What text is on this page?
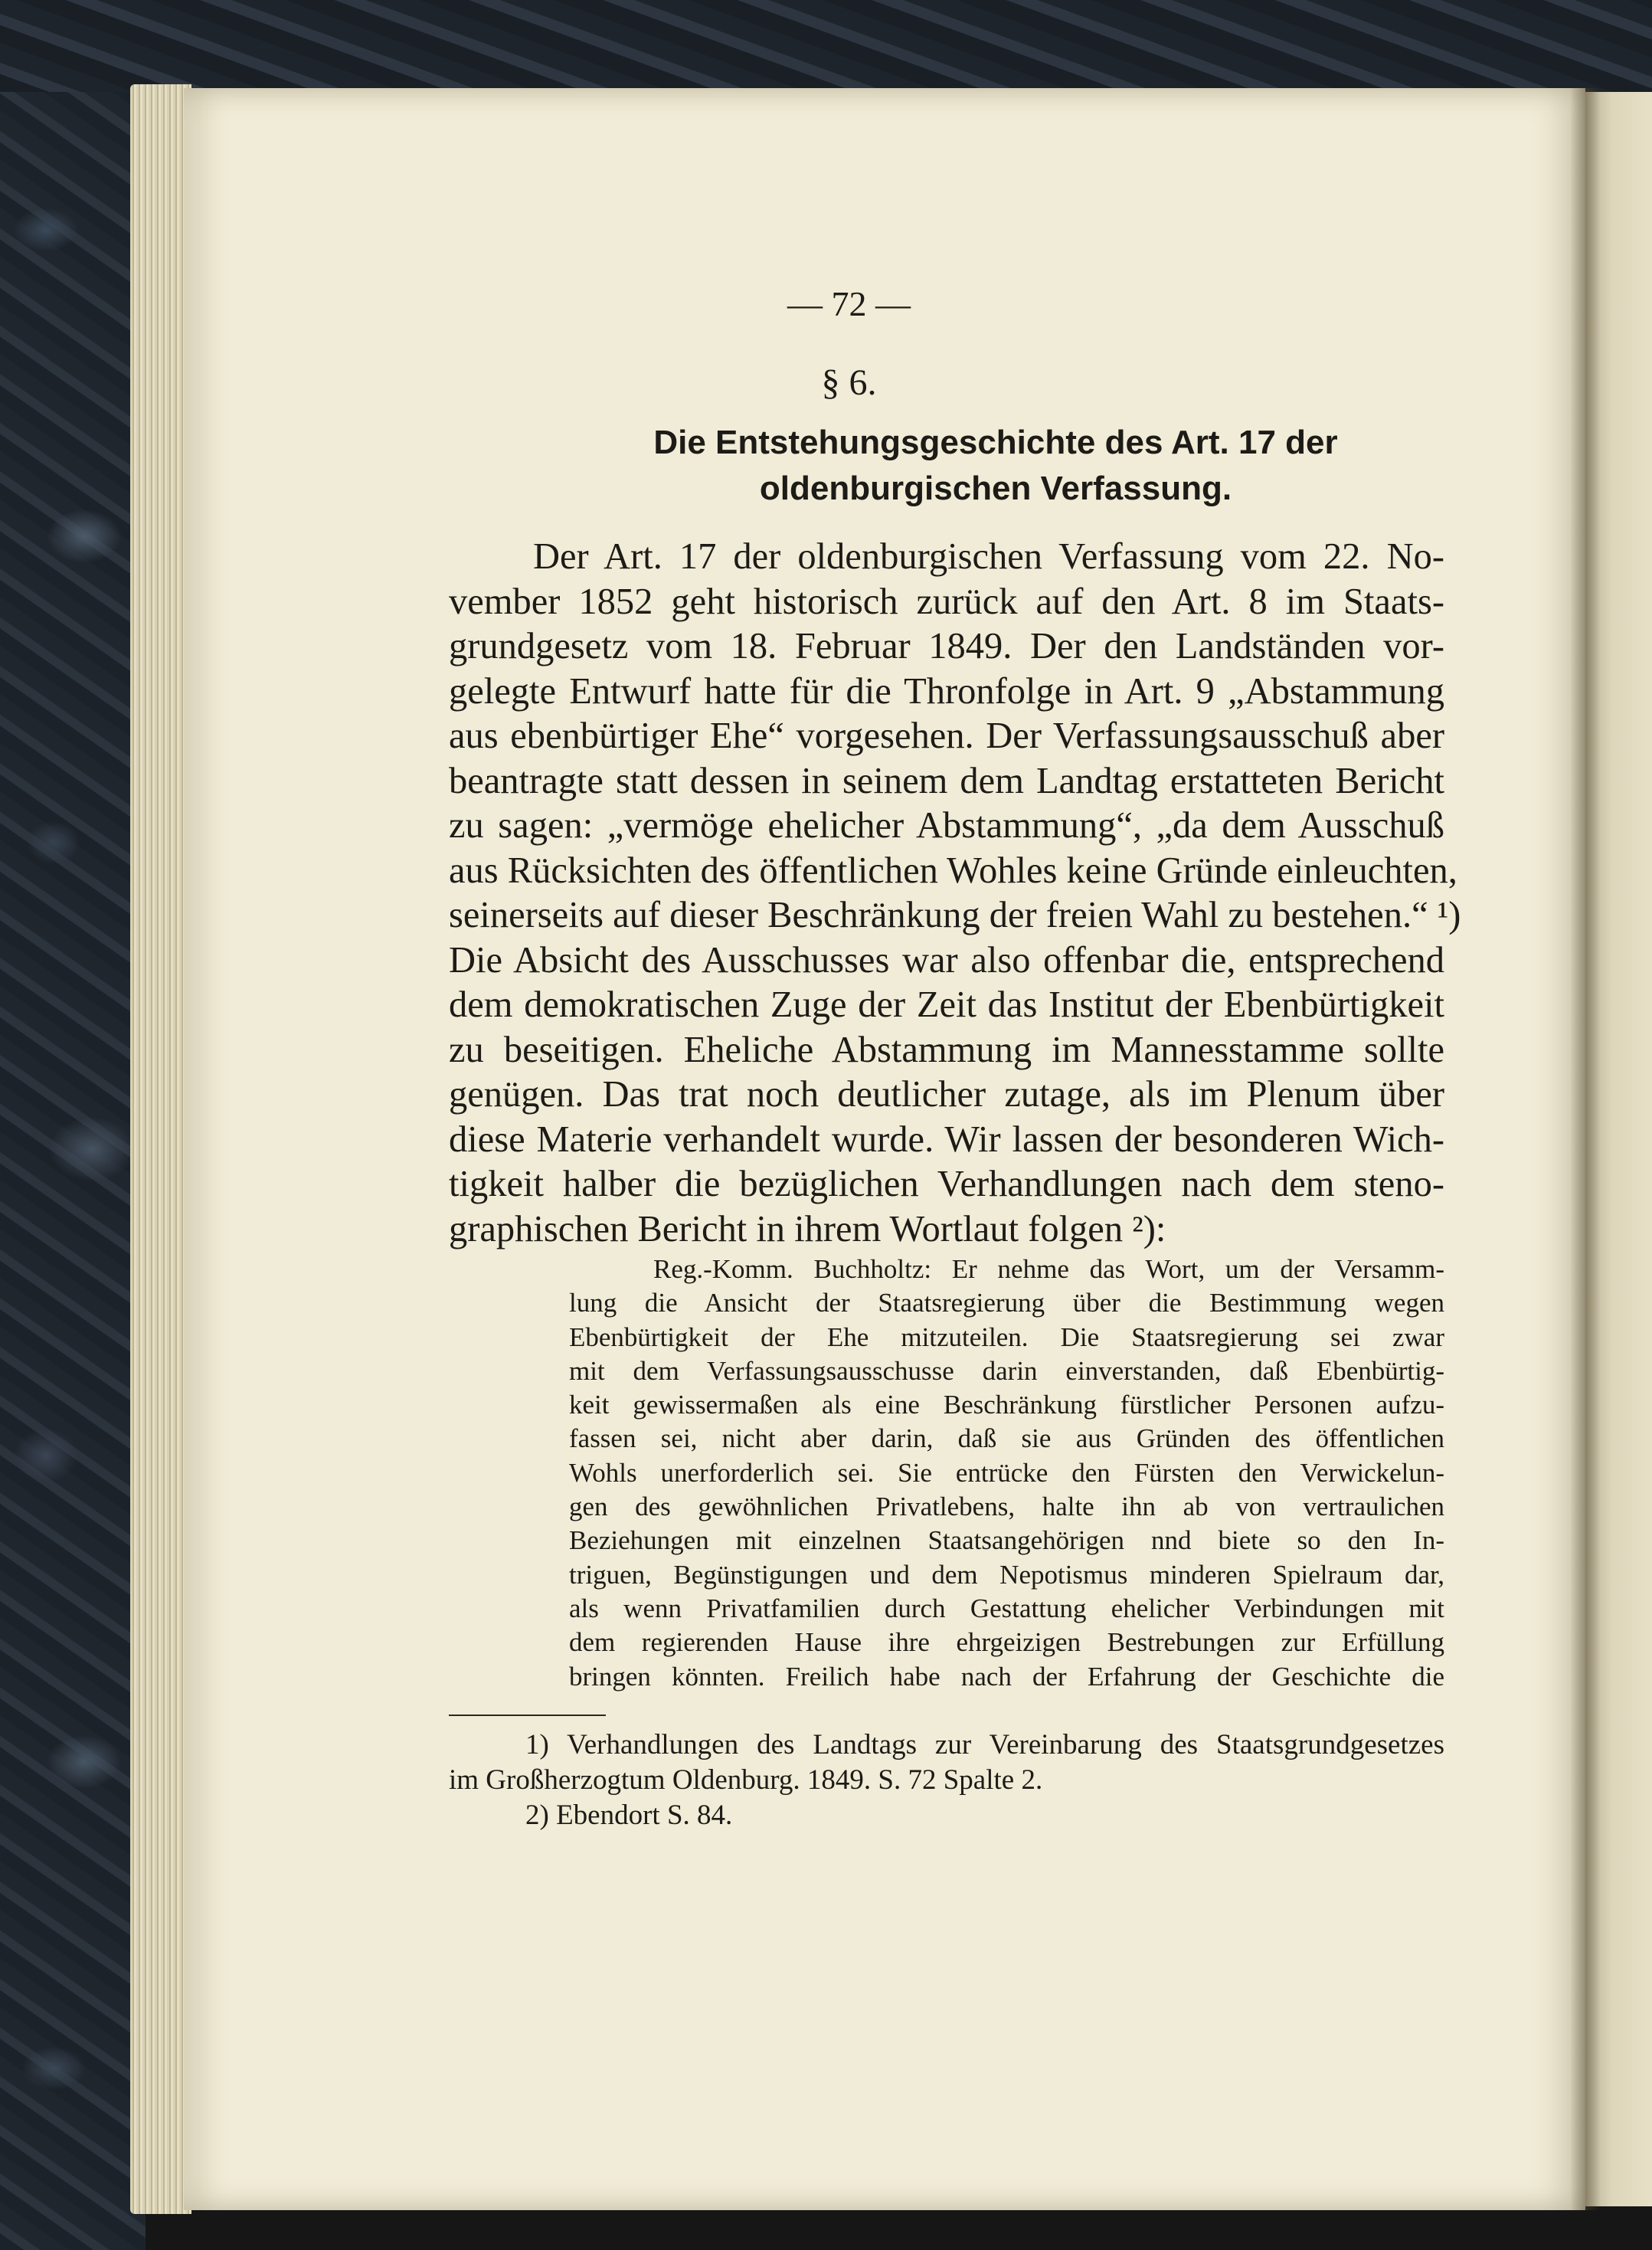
— 72 —
§ 6.
Die Entstehungsgeschichte des Art. 17 der
oldenburgischen Verfassung.
Der Art. 17 der oldenburgischen Verfassung vom 22. No-
vember 1852 geht historisch zurück auf den Art. 8 im Staats-
grundgesetz vom 18. Februar 1849. Der den Landständen vor-
gelegte Entwurf hatte für die Thronfolge in Art. 9 „Abstammung
aus ebenbürtiger Ehe“ vorgesehen. Der Verfassungsausschuß aber
beantragte statt dessen in seinem dem Landtag erstatteten Bericht
zu sagen: „vermöge ehelicher Abstammung“, „da dem Ausschuß
aus Rücksichten des öffentlichen Wohles keine Gründe einleuchten,
seinerseits auf dieser Beschränkung der freien Wahl zu bestehen.“ ¹)
Die Absicht des Ausschusses war also offenbar die, entsprechend
dem demokratischen Zuge der Zeit das Institut der Ebenbürtigkeit
zu beseitigen. Eheliche Abstammung im Mannesstamme sollte
genügen. Das trat noch deutlicher zutage, als im Plenum über
diese Materie verhandelt wurde. Wir lassen der besonderen Wich-
tigkeit halber die bezüglichen Verhandlungen nach dem steno-
graphischen Bericht in ihrem Wortlaut folgen ²):
Reg.-Komm. Buchholtz: Er nehme das Wort, um der Versamm-
lung die Ansicht der Staatsregierung über die Bestimmung wegen
Ebenbürtigkeit der Ehe mitzuteilen. Die Staatsregierung sei zwar
mit dem Verfassungsausschusse darin einverstanden, daß Ebenbürtig-
keit gewissermaßen als eine Beschränkung fürstlicher Personen aufzu-
fassen sei, nicht aber darin, daß sie aus Gründen des öffentlichen
Wohls unerforderlich sei. Sie entrücke den Fürsten den Verwickelun-
gen des gewöhnlichen Privatlebens, halte ihn ab von vertraulichen
Beziehungen mit einzelnen Staatsangehörigen nnd biete so den In-
triguen, Begünstigungen und dem Nepotismus minderen Spielraum dar,
als wenn Privatfamilien durch Gestattung ehelicher Verbindungen mit
dem regierenden Hause ihre ehrgeizigen Bestrebungen zur Erfüllung
bringen könnten. Freilich habe nach der Erfahrung der Geschichte die
1) Verhandlungen des Landtags zur Vereinbarung des Staatsgrundgesetzes
im Großherzogtum Oldenburg. 1849. S. 72 Spalte 2.
2) Ebendort S. 84.
